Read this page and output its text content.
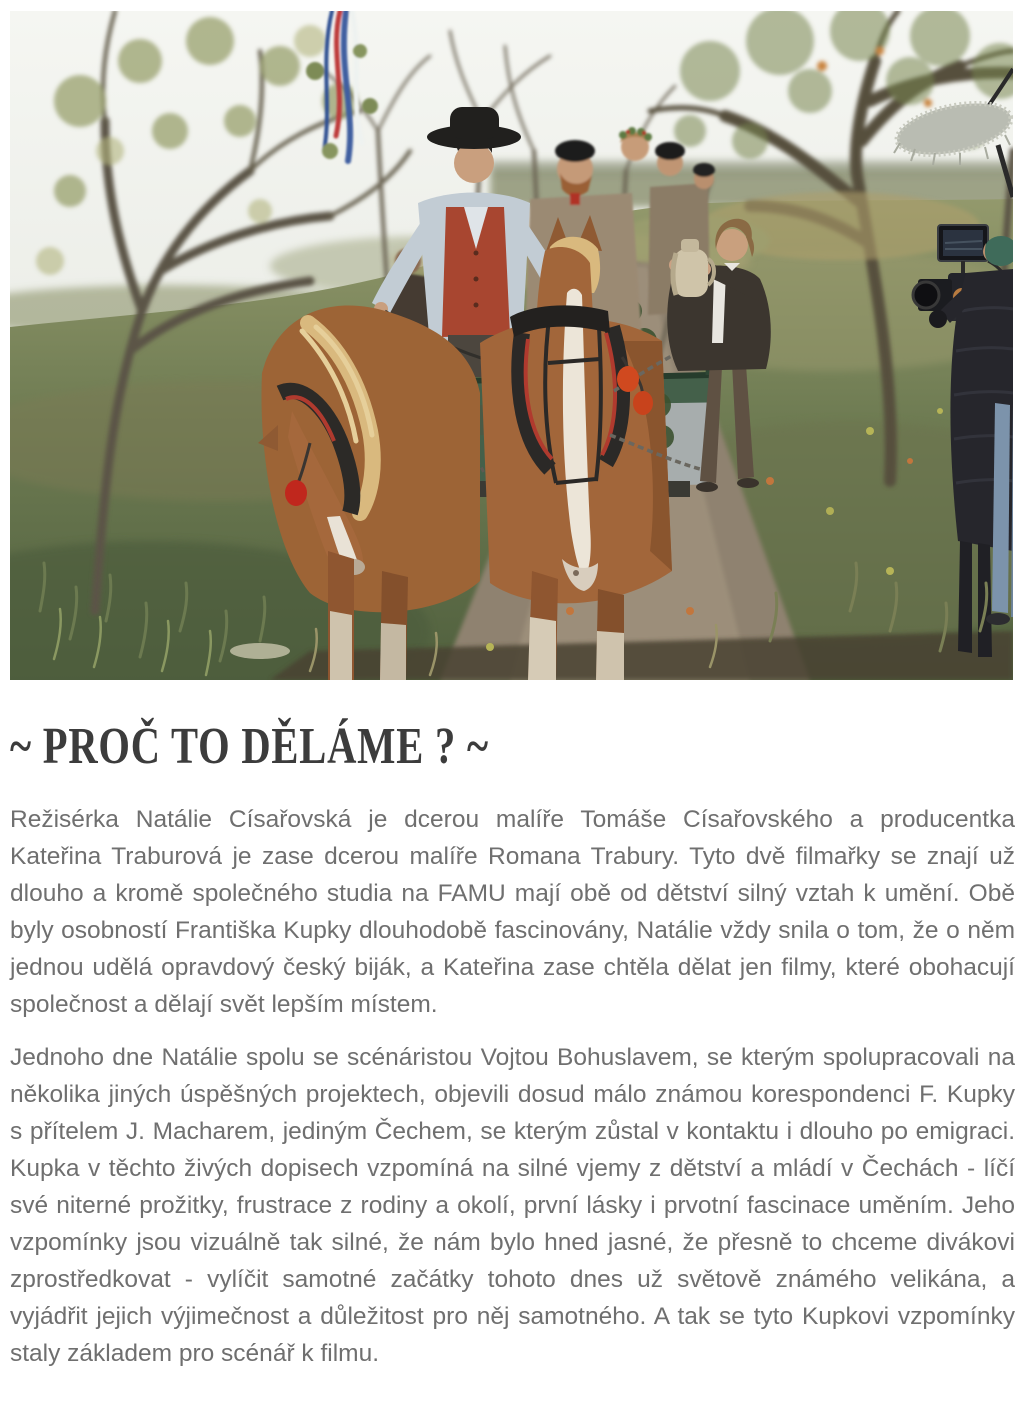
~ PROČ TO DĚLÁME ? ~

Režisérka Natálie Císařovská je dcerou malíře Tomáše Císařovského a producentka Kateřina Traburová je zase dcerou malíře Romana Trabury. Tyto dvě filmařky se znají už dlouho a kromě společného studia na FAMU mají obě od dětství silný vztah k umění. Obě byly osobností Františka Kupky dlouhodobě fascinovány, Natálie vždy snila o tom, že o něm jednou udělá opravdový český biják, a Kateřina zase chtěla dělat jen filmy, které obohacují společnost a dělají svět lepším místem.

Jednoho dne Natálie spolu se scénáristou Vojtou Bohuslavem, se kterým spolupracovali na několika jiných úspěšných projektech, objevili dosud málo známou korespondenci F. Kupky s přítelem J. Macharem, jediným Čechem, se kterým zůstal v kontaktu i dlouho po emigraci. Kupka v těchto živých dopisech vzpomíná na silné vjemy z dětství a mládí v Čechách - líčí své niterné prožitky, frustrace z rodiny a okolí, první lásky i prvotní fascinace uměním. Jeho vzpomínky jsou vizuálně tak silné, že nám bylo hned jasné, že přesně to chceme divákovi zprostředkovat - vylíčit samotné začátky tohoto dnes už světově známého velikána, a vyjádřit jejich výjimečnost a důležitost pro něj samotného. A tak se tyto Kupkovi vzpomínky staly základem pro scénář k filmu.
